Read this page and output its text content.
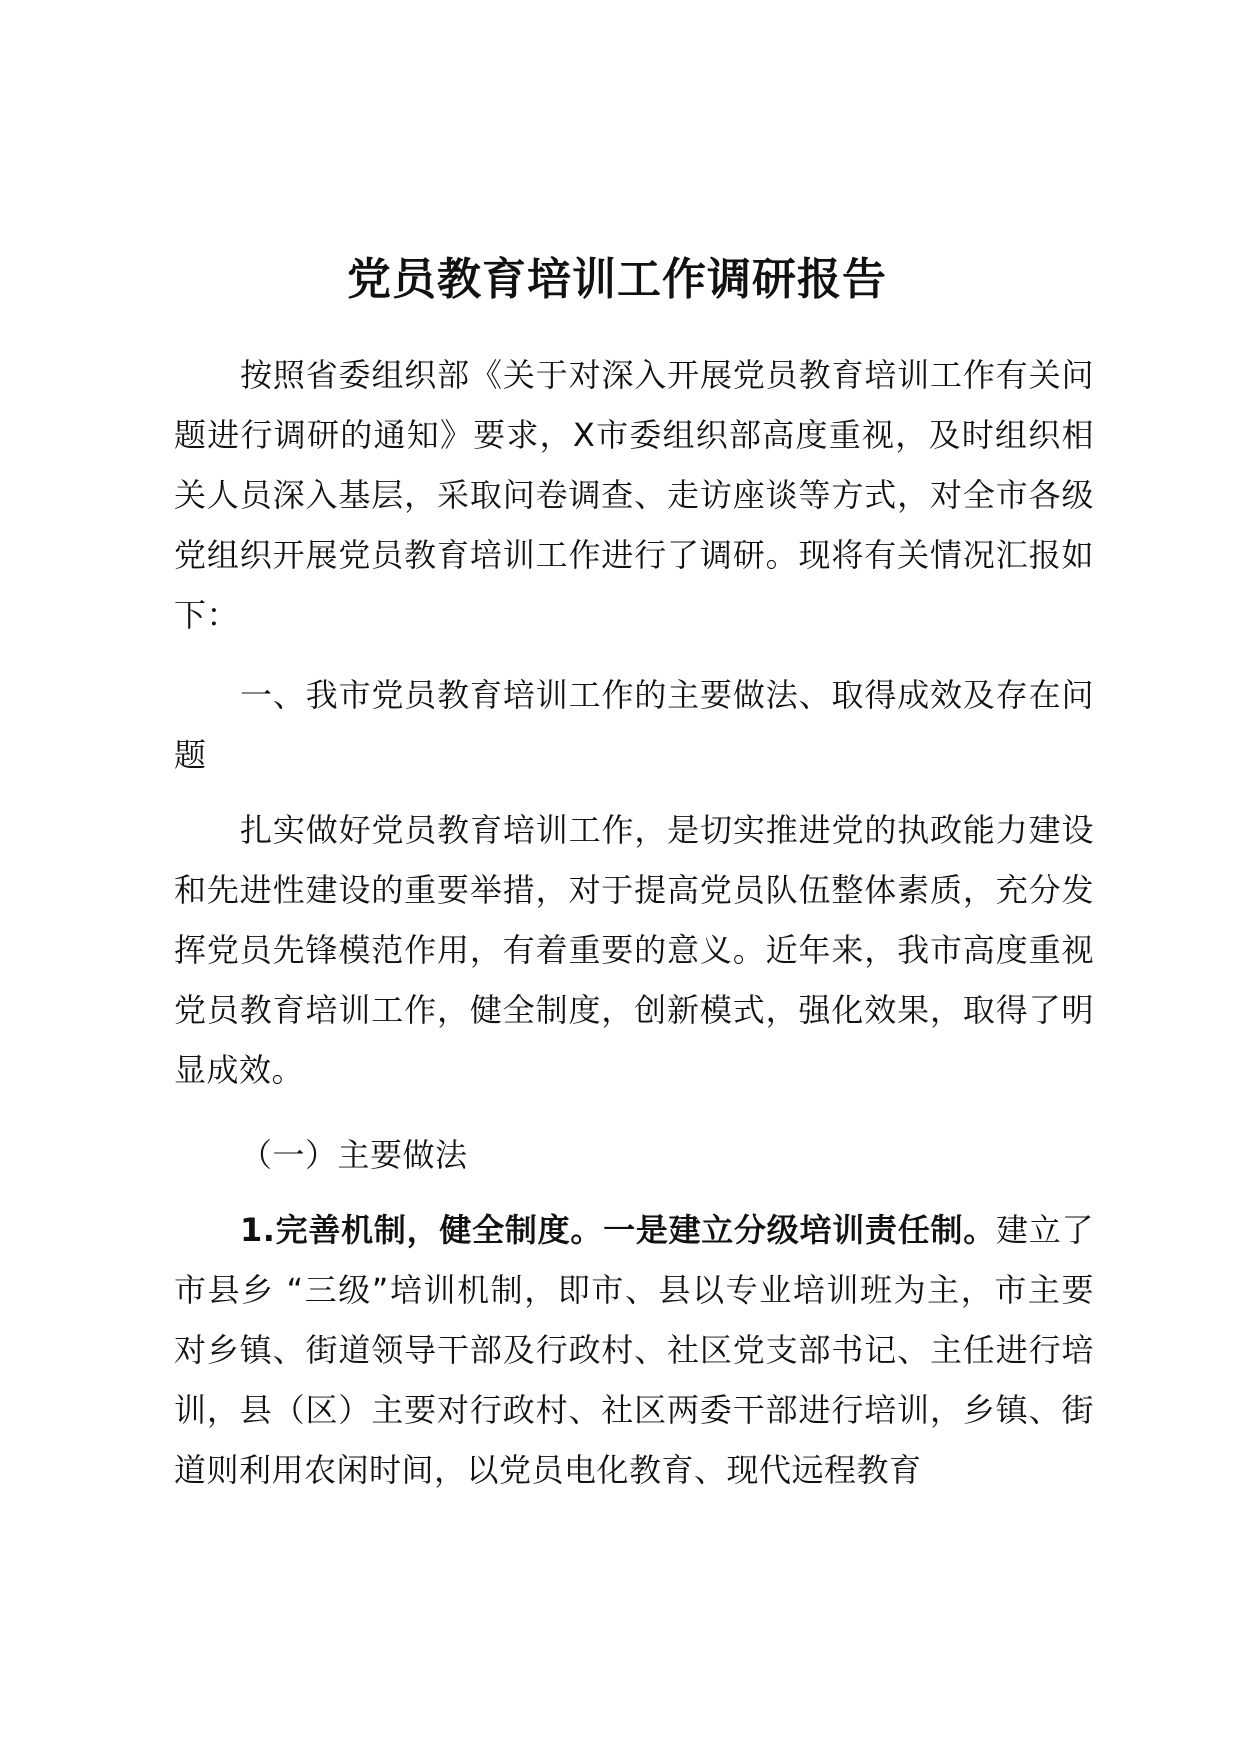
党员教育培训工作调研报告

按照省委组织部《关于对深入开展党员教育培训工作有关问题进行调研的通知》要求，X市委组织部高度重视，及时组织相关人员深入基层，采取问卷调查、走访座谈等方式，对全市各级党组织开展党员教育培训工作进行了调研。现将有关情况汇报如下：

一、我市党员教育培训工作的主要做法、取得成效及存在问题

扎实做好党员教育培训工作，是切实推进党的执政能力建设和先进性建设的重要举措，对于提高党员队伍整体素质，充分发挥党员先锋模范作用，有着重要的意义。近年来，我市高度重视党员教育培训工作，健全制度，创新模式，强化效果，取得了明显成效。

（一）主要做法

1.完善机制，健全制度。一是建立分级培训责任制。建立了市县乡 “三级”培训机制，即市、县以专业培训班为主，市主要对乡镇、街道领导干部及行政村、社区党支部书记、主任进行培训，县（区）主要对行政村、社区两委干部进行培训，乡镇、街道则利用农闲时间，以党员电化教育、现代远程教育
